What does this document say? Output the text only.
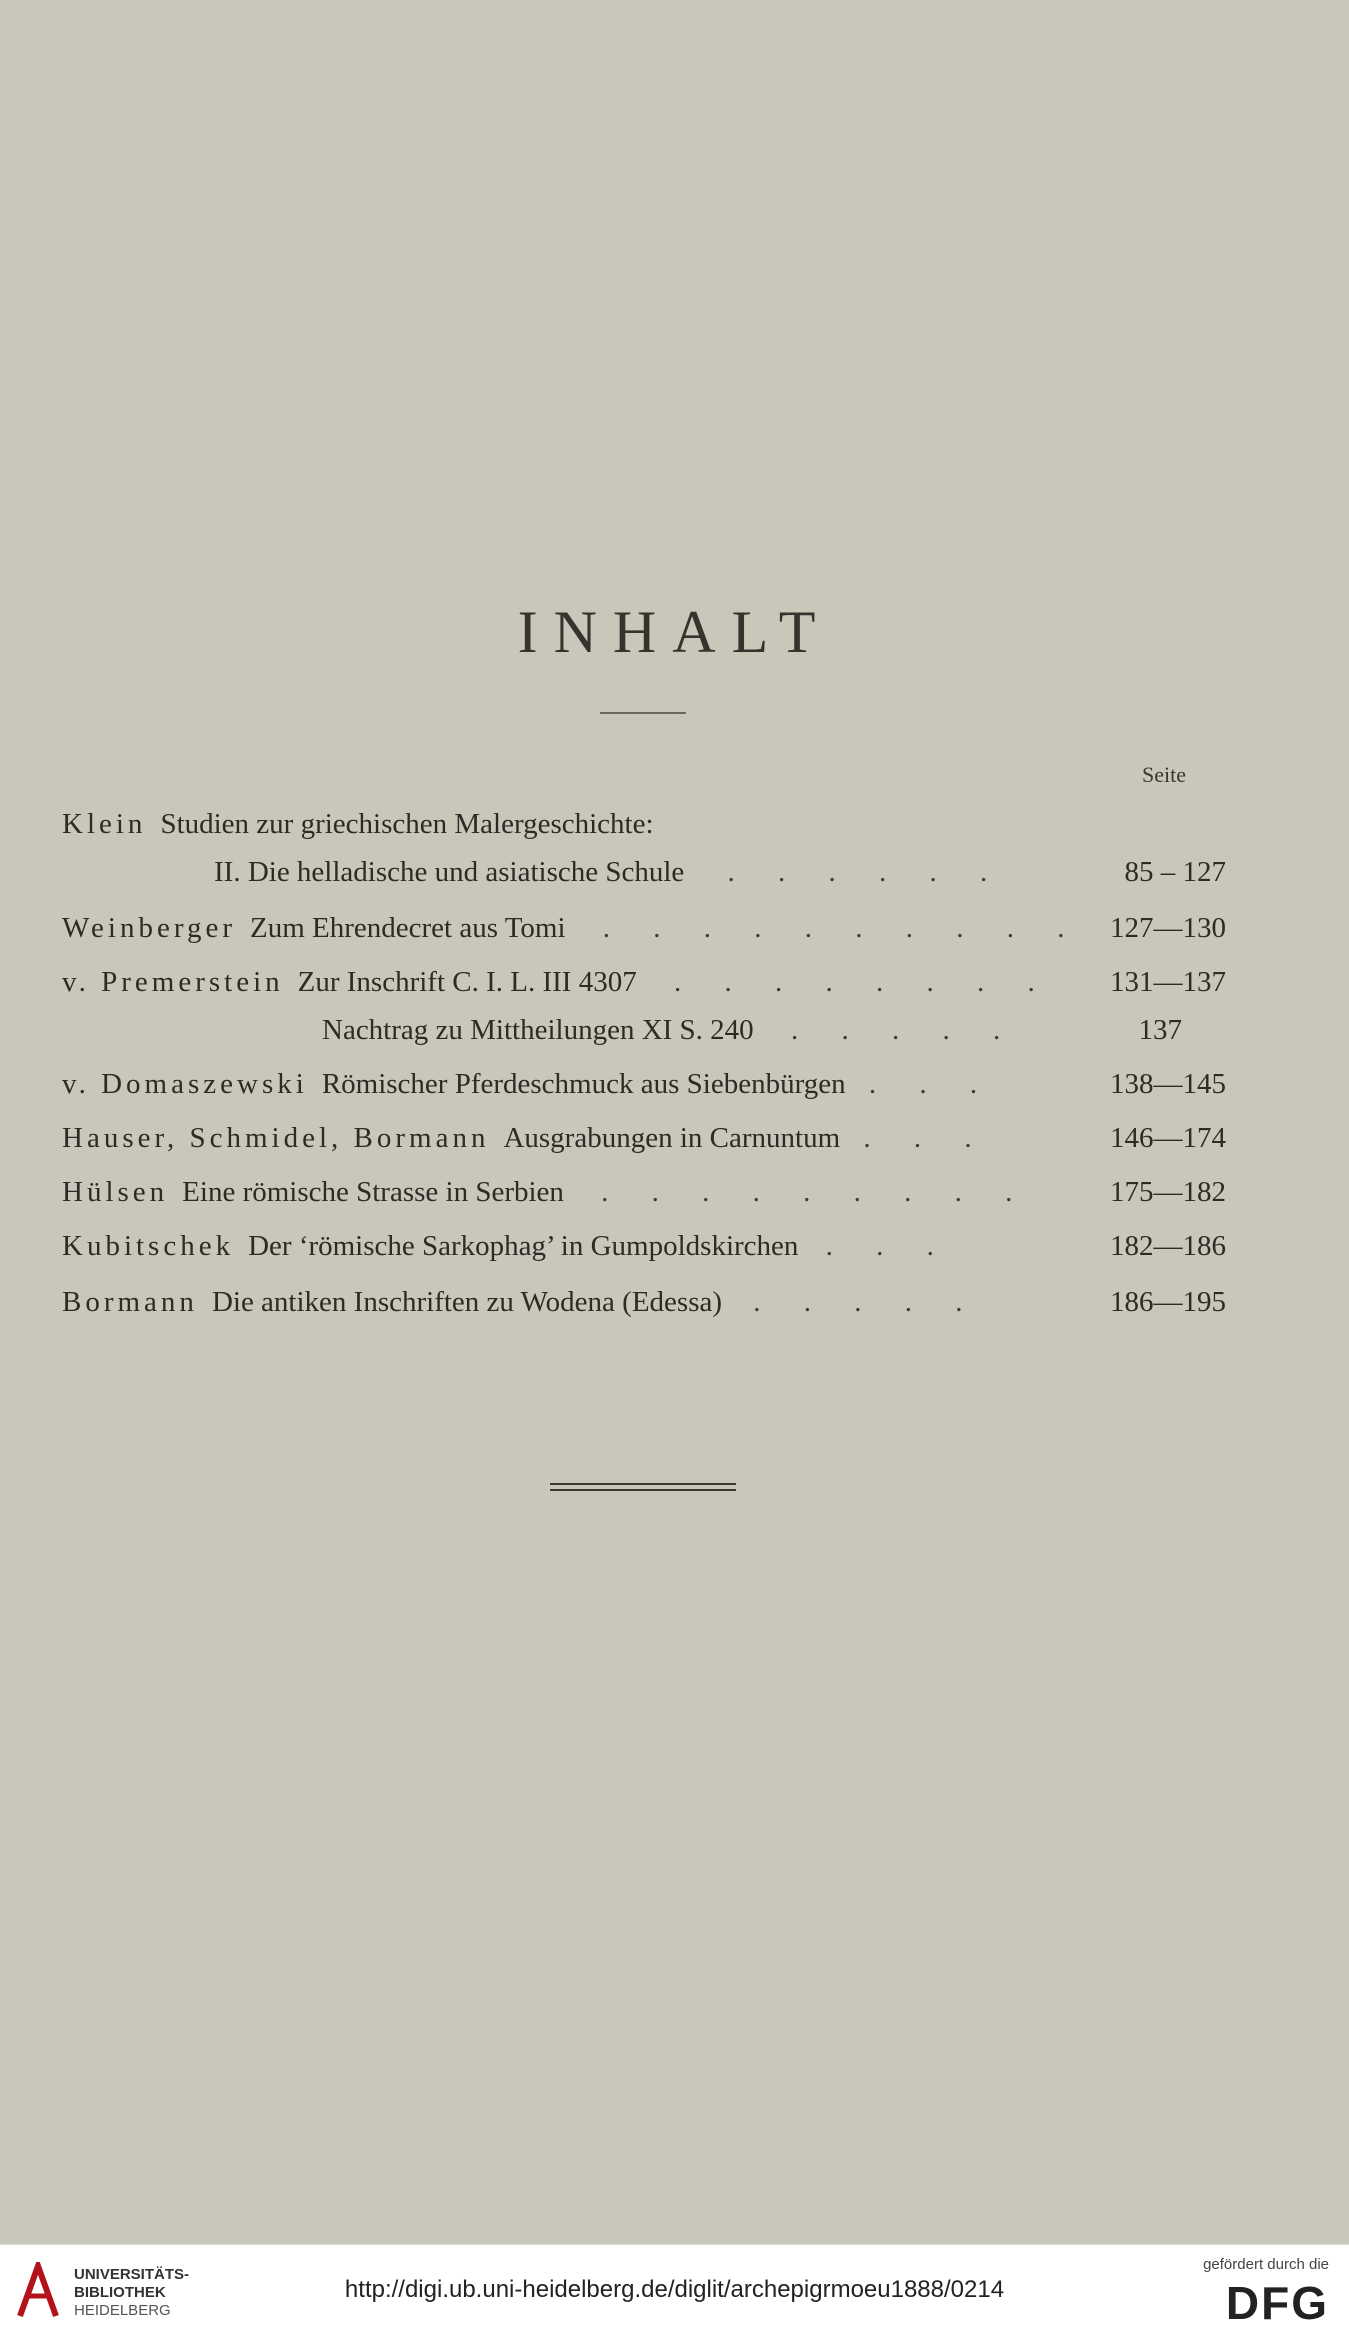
INHALT
Seite
Klein Studien zur griechischen Malergeschichte:
II. Die helladische und asiatische Schule . . . . . .	85 – 127
Weinberger Zum Ehrendecret aus Tomi . . . . . . . . . . 127—130
v. Premerstein Zur Inschrift C. I. L. III 4307 . . . . . . . . 131—137
Nachtrag zu Mittheilungen XI S. 240 . . . . .	137
v. Domaszewski Römischer Pferdeschmuck aus Siebenbürgen . . .	138—145
Hauser, Schmidel, Bormann Ausgrabungen in Carnuntum . . .	146—174
Hülsen Eine römische Strasse in Serbien . . . . . . . . .	175—182
Kubitschek Der ‘römische Sarkophag’ in Gumpoldskirchen . . .	182—186
Bormann Die antiken Inschriften zu Wodena (Edessa) . . . . .	186—195
UNIVERSITÄTS-
BIBLIOTHEK
HEIDELBERG
http://digi.ub.uni-heidelberg.de/diglit/archepigrmoeu1888/0214
gefördert durch die
DFG
